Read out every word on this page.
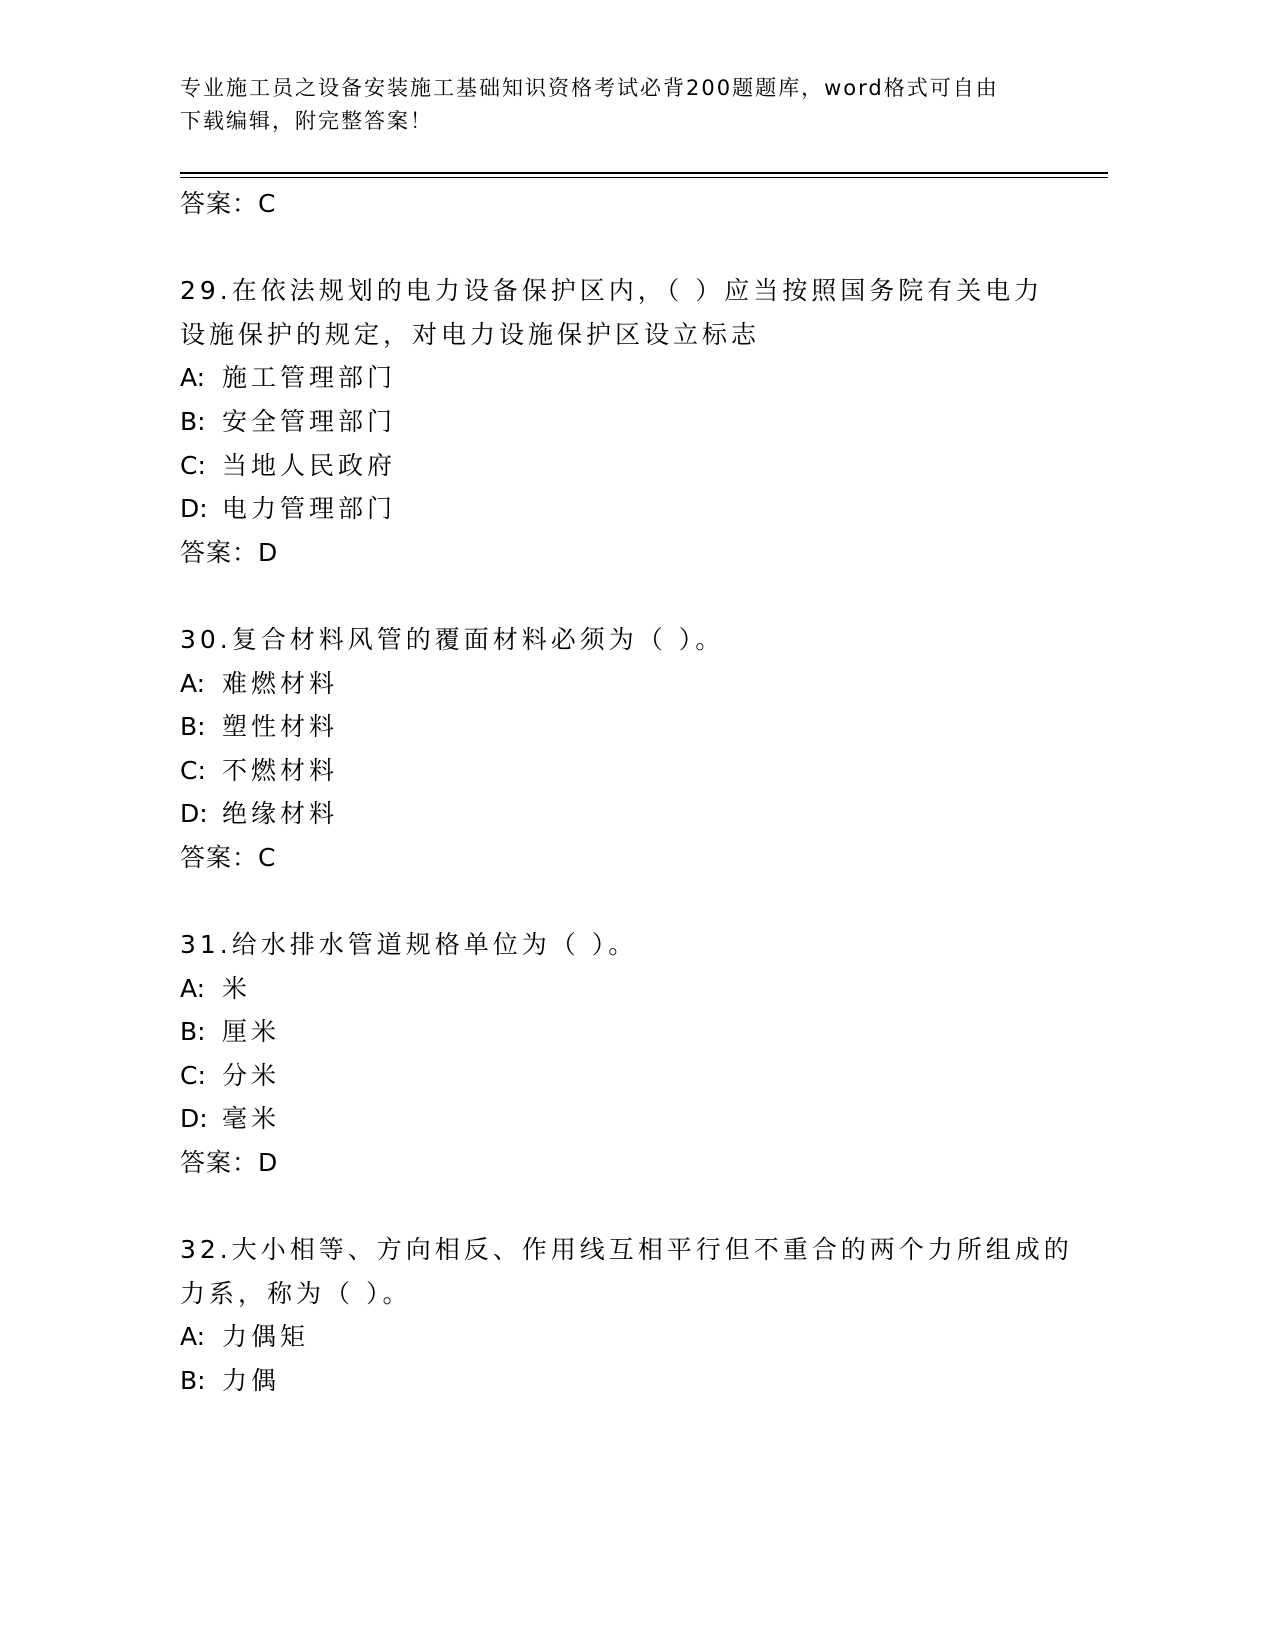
专业施工员之设备安装施工基础知识资格考试必背200题题库，word格式可自由
下载编辑，附完整答案！
答案：C
29.在依法规划的电力设备保护区内，（ ）应当按照国务院有关电力
设施保护的规定，对电力设施保护区设立标志
A: 施工管理部门
B: 安全管理部门
C: 当地人民政府
D: 电力管理部门
答案：D
30.复合材料风管的覆面材料必须为（ ）。
A: 难燃材料
B: 塑性材料
C: 不燃材料
D: 绝缘材料
答案：C
31.给水排水管道规格单位为（ ）。
A: 米
B: 厘米
C: 分米
D: 毫米
答案：D
32.大小相等、方向相反、作用线互相平行但不重合的两个力所组成的
力系，称为（ ）。
A: 力偶矩
B: 力偶
